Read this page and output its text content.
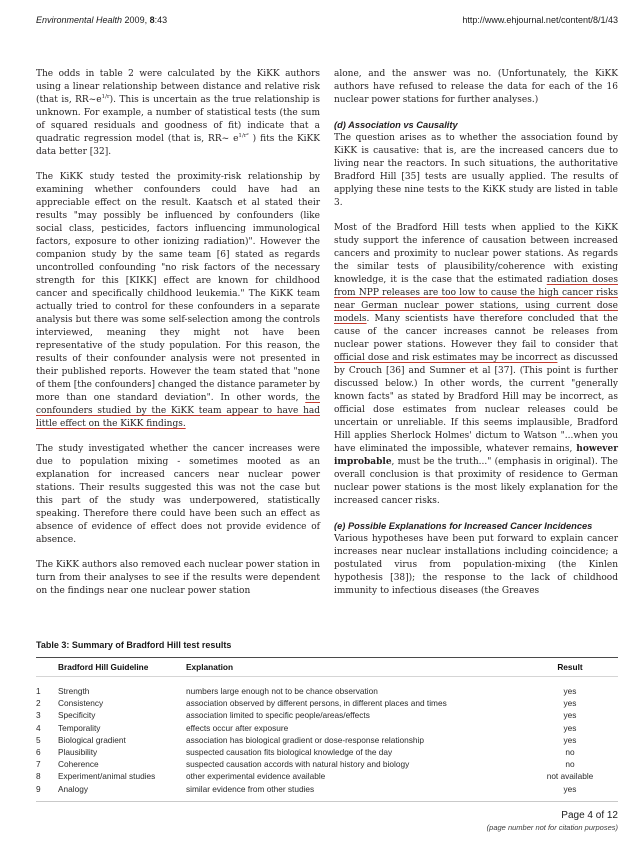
Environmental Health 2009, 8:43	http://www.ehjournal.net/content/8/1/43

The odds in table 2 were calculated by the KiKK authors using a linear relationship between distance and relative risk (that is, $RR\sim e^{1/r}$). This is uncertain as the true relationship is unknown. For example, a number of statistical tests (the sum of squared residuals and goodness of fit) indicate that a quadratic regression model (that is, RR~ $e^{1/r^2}$ ) fits the KiKK data better [32].

The KiKK study tested the proximity-risk relationship by examining whether confounders could have had an appreciable effect on the result. Kaatsch et al stated their results "may possibly be influenced by confounders (like social class, pesticides, factors influencing immunological factors, exposure to other ionizing radiation)". However the companion study by the same team [6] stated as regards uncontrolled confounding "no risk factors of the necessary strength for this [KIKK] effect are known for childhood cancer and specifically childhood leukemia." The KiKK team actually tried to control for these confounders in a separate analysis but there was some self-selection among the controls interviewed, meaning they might not have been representative of the study population. For this reason, the results of their confounder analysis were not presented in their published reports. However the team stated that "none of them [the confounders] changed the distance parameter by more than one standard deviation". In other words, the confounders studied by the KiKK team appear to have had little effect on the KiKK findings.

The study investigated whether the cancer increases were due to population mixing - sometimes mooted as an explanation for increased cancers near nuclear power stations. Their results suggested this was not the case but this part of the study was underpowered, statistically speaking. Therefore there could have been such an effect as absence of evidence of effect does not provide evidence of absence.

The KiKK authors also removed each nuclear power station in turn from their analyses to see if the results were dependent on the findings near one nuclear power station

alone, and the answer was no. (Unfortunately, the KiKK authors have refused to release the data for each of the 16 nuclear power stations for further analyses.)

(d) Association vs Causality

The question arises as to whether the association found by KiKK is causative: that is, are the increased cancers due to living near the reactors. In such situations, the authoritative Bradford Hill [35] tests are usually applied. The results of applying these nine tests to the KiKK study are listed in table 3.

Most of the Bradford Hill tests when applied to the KiKK study support the inference of causation between increased cancers and proximity to nuclear power stations. As regards the similar tests of plausibility/coherence with existing knowledge, it is the case that the estimated radiation doses from NPP releases are too low to cause the high cancer risks near German nuclear power stations, using current dose models. Many scientists have therefore concluded that the cause of the cancer increases cannot be releases from nuclear power stations. However they fail to consider that official dose and risk estimates may be incorrect as discussed by Crouch [36] and Sumner et al [37]. (This point is further discussed below.) In other words, the current "generally known facts" as stated by Bradford Hill may be incorrect, as official dose estimates from nuclear releases could be uncertain or unreliable. If this seems implausible, Bradford Hill applies Sherlock Holmes' dictum to Watson "...when you have eliminated the impossible, whatever remains, however improbable, must be the truth..." (emphasis in original). The overall conclusion is that proximity of residence to German nuclear power stations is the most likely explanation for the increased cancer risks.

(e) Possible Explanations for Increased Cancer Incidences

Various hypotheses have been put forward to explain cancer increases near nuclear installations including coincidence; a postulated virus from population-mixing (the Kinlen hypothesis [38]); the response to the lack of childhood immunity to infectious diseases (the Greaves

Table 3: Summary of Bradford Hill test results
	Bradford Hill Guideline	Explanation	Result
1	Strength	numbers large enough not to be chance observation	yes
2	Consistency	association observed by different persons, in different places and times	yes
3	Specificity	association limited to specific people/areas/effects	yes
4	Temporality	effects occur after exposure	yes
5	Biological gradient	association has biological gradient or dose-response relationship	yes
6	Plausibility	suspected causation fits biological knowledge of the day	no
7	Coherence	suspected causation accords with natural history and biology	no
8	Experiment/animal studies	other experimental evidence available	not available
9	Analogy	similar evidence from other studies	yes
Page 4 of 12
(page number not for citation purposes)
